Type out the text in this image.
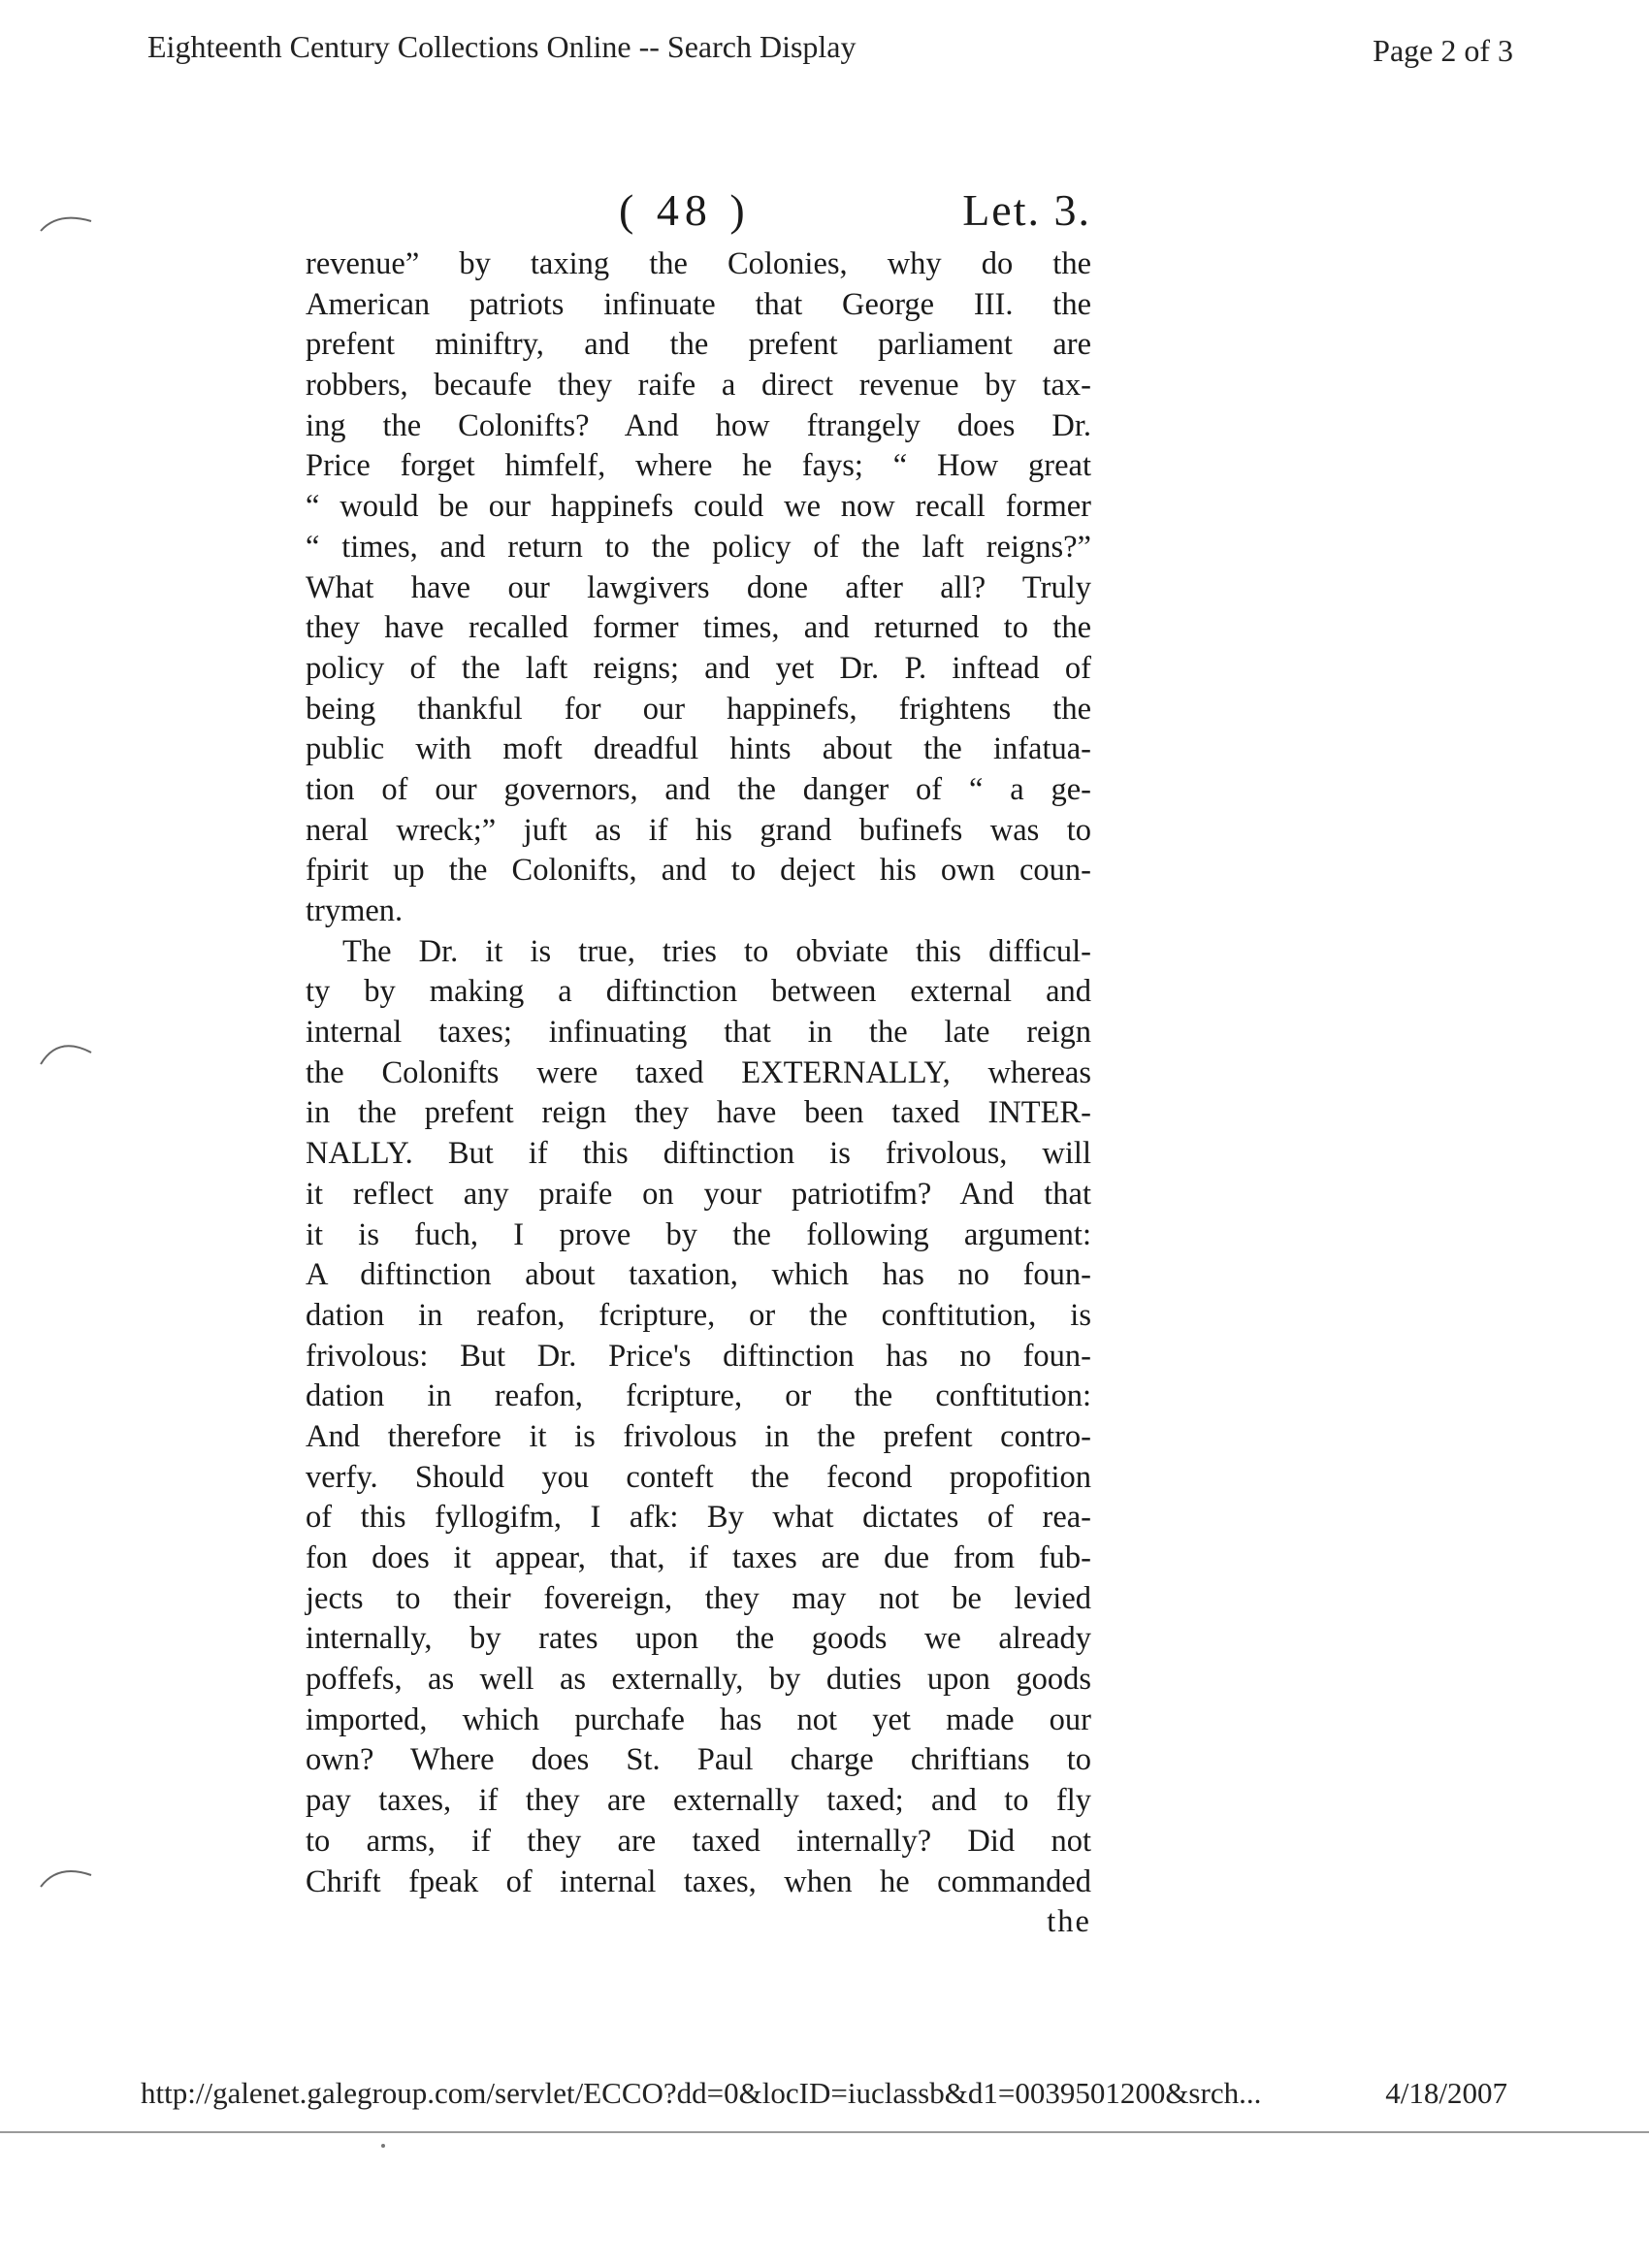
Eighteenth Century Collections Online -- Search Display	Page 2 of 3
( 48 )	Let. 3.
revenue” by taxing the Colonies, why do the
American patriots infinuate that George III. the
prefent miniftry, and the prefent parliament are
robbers, becaufe they raife a direct revenue by tax-
ing the Colonifts? And how ftrangely does Dr.
Price forget himfelf, where he fays; “ How great
“ would be our happinefs could we now recall former
“ times, and return to the policy of the laft reigns?”
What have our lawgivers done after all? Truly
they have recalled former times, and returned to the
policy of the laft reigns; and yet Dr. P. inftead of
being thankful for our happinefs, frightens the
public with moft dreadful hints about the infatua-
tion of our governors, and the danger of “ a ge-
neral wreck;” juft as if his grand bufinefs was to
fpirit up the Colonifts, and to deject his own coun-
trymen.
The Dr. it is true, tries to obviate this difficul-
ty by making a diftinction between external and
internal taxes; infinuating that in the late reign
the Colonifts were taxed EXTERNALLY, whereas
in the prefent reign they have been taxed INTER-
NALLY. But if this diftinction is frivolous, will
it reflect any praife on your patriotifm? And that
it is fuch, I prove by the following argument:
A diftinction about taxation, which has no foun-
dation in reafon, fcripture, or the conftitution, is
frivolous: But Dr. Price's diftinction has no foun-
dation in reafon, fcripture, or the conftitution:
And therefore it is frivolous in the prefent contro-
verfy. Should you conteft the fecond propofition
of this fyllogifm, I afk: By what dictates of rea-
fon does it appear, that, if taxes are due from fub-
jects to their fovereign, they may not be levied
internally, by rates upon the goods we already
poffefs, as well as externally, by duties upon goods
imported, which purchafe has not yet made our
own? Where does St. Paul charge chriftians to
pay taxes, if they are externally taxed; and to fly
to arms, if they are taxed internally? Did not
Chrift fpeak of internal taxes, when he commanded
the
http://galenet.galegroup.com/servlet/ECCO?dd=0&locID=iuclassb&d1=0039501200&srch...	4/18/2007
